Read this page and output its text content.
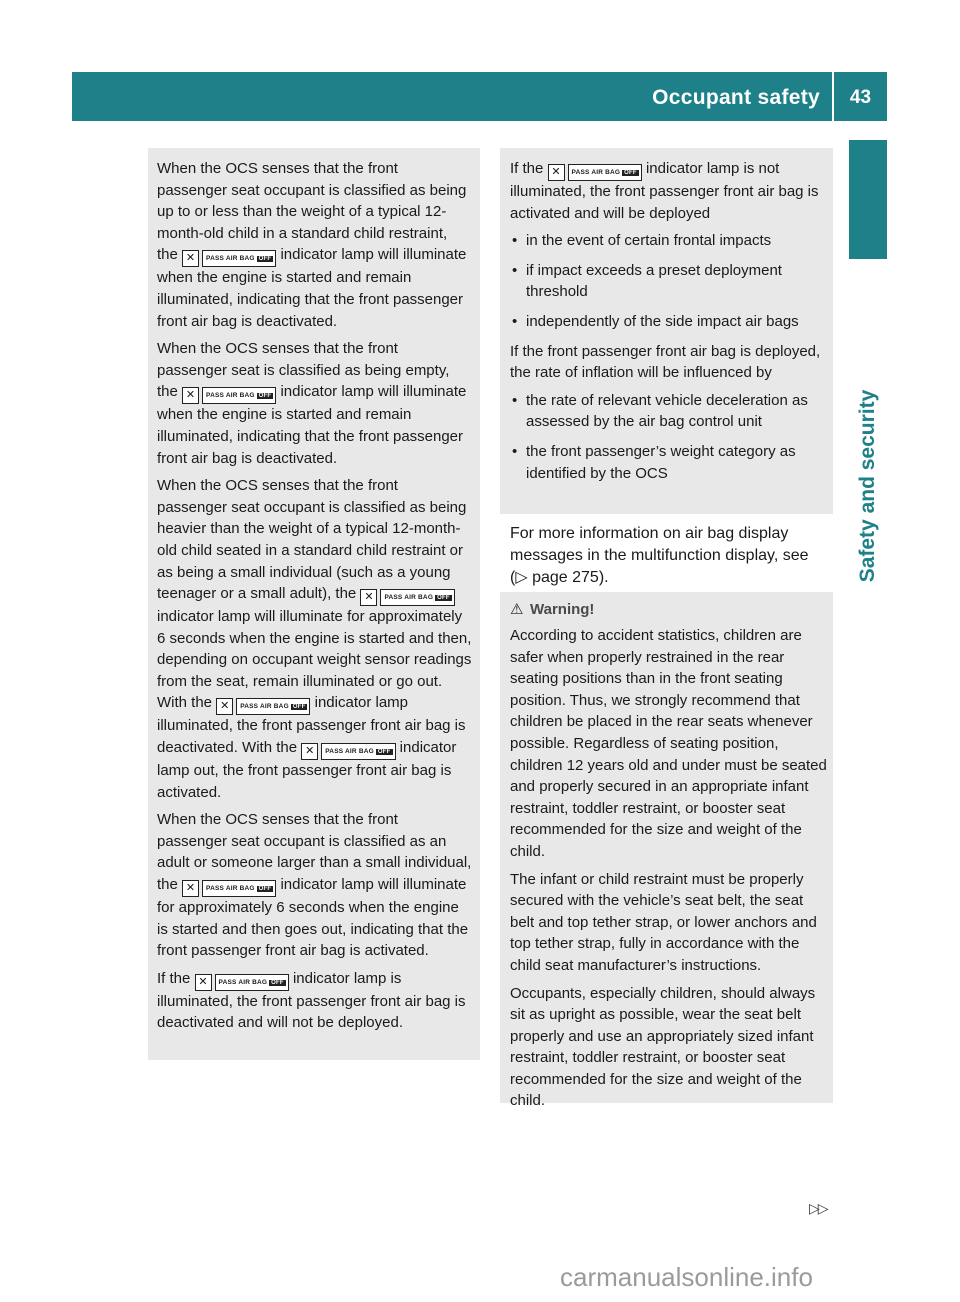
Occupant safety	43
Safety and security

When the OCS senses that the front passenger seat occupant is classified as being up to or less than the weight of a typical 12-month-old child in a standard child restraint, the ✕	PASS AIR BAG OFF indicator lamp will illuminate when the engine is started and remain illuminated, indicating that the front passenger front air bag is deactivated.

When the OCS senses that the front passenger seat is classified as being empty, the ✕	PASS AIR BAG OFF indicator lamp will illuminate when the engine is started and remain illuminated, indicating that the front passenger front air bag is deactivated.

When the OCS senses that the front passenger seat occupant is classified as being heavier than the weight of a typical 12-month-old child seated in a standard child restraint or as being a small individual (such as a young teenager or a small adult), the ✕	PASS AIR BAG OFF
indicator lamp will illuminate for approximately 6 seconds when the engine is started and then, depending on occupant weight sensor readings from the seat, remain illuminated or go out. With the ✕	PASS AIR BAG OFF indicator lamp illuminated, the front passenger front air bag is deactivated. With the ✕	PASS AIR BAG OFF indicator lamp out, the front passenger front air bag is activated.

When the OCS senses that the front passenger seat occupant is classified as an adult or someone larger than a small individual, the ✕	PASS AIR BAG OFF indicator lamp will illuminate for approximately 6 seconds when the engine is started and then goes out, indicating that the front passenger front air bag is activated.

If the ✕	PASS AIR BAG OFF indicator lamp is illuminated, the front passenger front air bag is deactivated and will not be deployed.

If the ✕	PASS AIR BAG OFF indicator lamp is not illuminated, the front passenger front air bag is activated and will be deployed

• in the event of certain frontal impacts
• if impact exceeds a preset deployment threshold
• independently of the side impact air bags

If the front passenger front air bag is deployed, the rate of inflation will be influenced by

• the rate of relevant vehicle deceleration as assessed by the air bag control unit
• the front passenger’s weight category as identified by the OCS
For more information on air bag display messages in the multifunction display, see (▷ page 275).
⚠ Warning!

According to accident statistics, children are safer when properly restrained in the rear seating positions than in the front seating position. Thus, we strongly recommend that children be placed in the rear seats whenever possible. Regardless of seating position, children 12 years old and under must be seated and properly secured in an appropriate infant restraint, toddler restraint, or booster seat recommended for the size and weight of the child.

The infant or child restraint must be properly secured with the vehicle’s seat belt, the seat belt and top tether strap, or lower anchors and top tether strap, fully in accordance with the child seat manufacturer’s instructions.

Occupants, especially children, should always sit as upright as possible, wear the seat belt properly and use an appropriately sized infant restraint, toddler restraint, or booster seat recommended for the size and weight of the child.

▷▷
carmanualsonline.info
